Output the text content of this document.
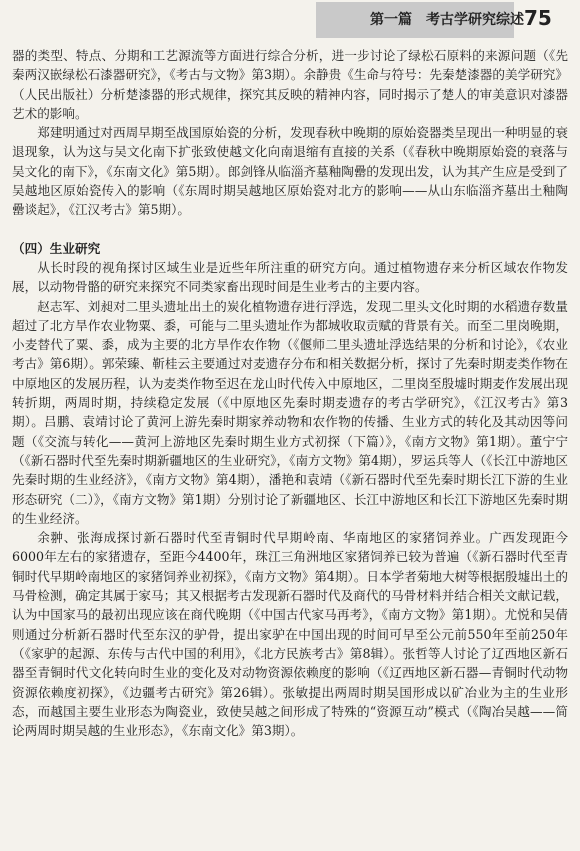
第一篇　考古学研究综述 75

器的类型、特点、分期和工艺源流等方面进行综合分析，进一步讨论了绿松石原料的来源问题（《先秦两汉嵌绿松石漆器研究》，《考古与文物》第3期）。余静贵《生命与符号：先秦楚漆器的美学研究》（人民出版社）分析楚漆器的形式规律，探究其反映的精神内容，同时揭示了楚人的审美意识对漆器艺术的影响。

郑建明通过对西周早期至战国原始瓷的分析，发现春秋中晚期的原始瓷器类呈现出一种明显的衰退现象，认为这与吴文化南下扩张致使越文化向南退缩有直接的关系（《春秋中晚期原始瓷的衰落与吴文化的南下》，《东南文化》第5期）。郎剑锋从临淄齐墓釉陶罍的发现出发，认为其产生应是受到了吴越地区原始瓷传入的影响（《东周时期吴越地区原始瓷对北方的影响——从山东临淄齐墓出土釉陶罍谈起》，《江汉考古》第5期）。

（四）生业研究

从长时段的视角探讨区域生业是近些年所注重的研究方向。通过植物遗存来分析区域农作物发展，以动物骨骼的研究来探究不同类家畜出现时间是生业考古的主要内容。

赵志军、刘昶对二里头遗址出土的炭化植物遗存进行浮选，发现二里头文化时期的水稻遗存数量超过了北方旱作农业物粟、黍，可能与二里头遗址作为都城收取贡赋的背景有关。而至二里岗晚期，小麦替代了粟、黍，成为主要的北方旱作农作物（《偃师二里头遗址浮选结果的分析和讨论》，《农业考古》第6期）。郭荣臻、靳桂云主要通过对麦遗存分布和相关数据分析，探讨了先秦时期麦类作物在中原地区的发展历程，认为麦类作物至迟在龙山时代传入中原地区，二里岗至殷墟时期麦作发展出现转折期，两周时期，持续稳定发展（《中原地区先秦时期麦遗存的考古学研究》，《江汉考古》第3期）。吕鹏、袁靖讨论了黄河上游先秦时期家养动物和农作物的传播、生业方式的转化及其动因等问题（《交流与转化——黄河上游地区先秦时期生业方式初探（下篇）》，《南方文物》第1期）。董宁宁（《新石器时代至先秦时期新疆地区的生业研究》，《南方文物》第4期），罗运兵等人（《长江中游地区先秦时期的生业经济》，《南方文物》第4期），潘艳和袁靖（《新石器时代至先秦时期长江下游的生业形态研究（二）》，《南方文物》第1期）分别讨论了新疆地区、长江中游地区和长江下游地区先秦时期的生业经济。

余翀、张海成探讨新石器时代至青铜时代早期岭南、华南地区的家猪饲养业。广西发现距今6000年左右的家猪遗存，至距今4400年，珠江三角洲地区家猪饲养已较为普遍（《新石器时代至青铜时代早期岭南地区的家猪饲养业初探》，《南方文物》第4期）。日本学者菊地大树等根据殷墟出土的马骨检测，确定其属于家马；其又根据考古发现新石器时代及商代的马骨材料并结合相关文献记载，认为中国家马的最初出现应该在商代晚期（《中国古代家马再考》，《南方文物》第1期）。尤悦和吴倩则通过分析新石器时代至东汉的驴骨，提出家驴在中国出现的时间可早至公元前550年至前250年（《家驴的起源、东传与古代中国的利用》，《北方民族考古》第8辑）。张哲等人讨论了辽西地区新石器至青铜时代文化转向时生业的变化及对动物资源依赖度的影响（《辽西地区新石器—青铜时代动物资源依赖度初探》，《边疆考古研究》第26辑）。张敏提出两周时期吴国形成以矿冶业为主的生业形态，而越国主要生业形态为陶瓷业，致使吴越之间形成了特殊的“资源互动”模式（《陶冶吴越——简论两周时期吴越的生业形态》，《东南文化》第3期）。
